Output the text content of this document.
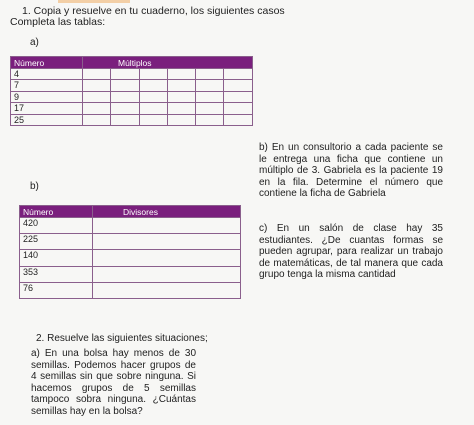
1. Copia y resuelve en tu cuaderno, los siguientes casos
Completa las tablas:
a)
Número	Múltiplos					
4						
7						
9						
17						
25						
b)
Número	Divisores
420	
225	
140	
353	
76	
b) En un consultorio a cada paciente se le entrega una ficha que contiene un múltiplo de 3. Gabriela es la paciente 19 en la fila. Determine el número que contiene la ficha de Gabriela
c) En un salón de clase hay 35 estudiantes. ¿De cuantas formas se pueden agrupar, para realizar un trabajo de matemáticas, de tal manera que cada grupo tenga la misma cantidad
2. Resuelve las siguientes situaciones;
a) En una bolsa hay menos de 30 semillas. Podemos hacer grupos de 4 semillas sin que sobre ninguna. Si hacemos grupos de 5 semillas tampoco sobra ninguna. ¿Cuántas semillas hay en la bolsa?
